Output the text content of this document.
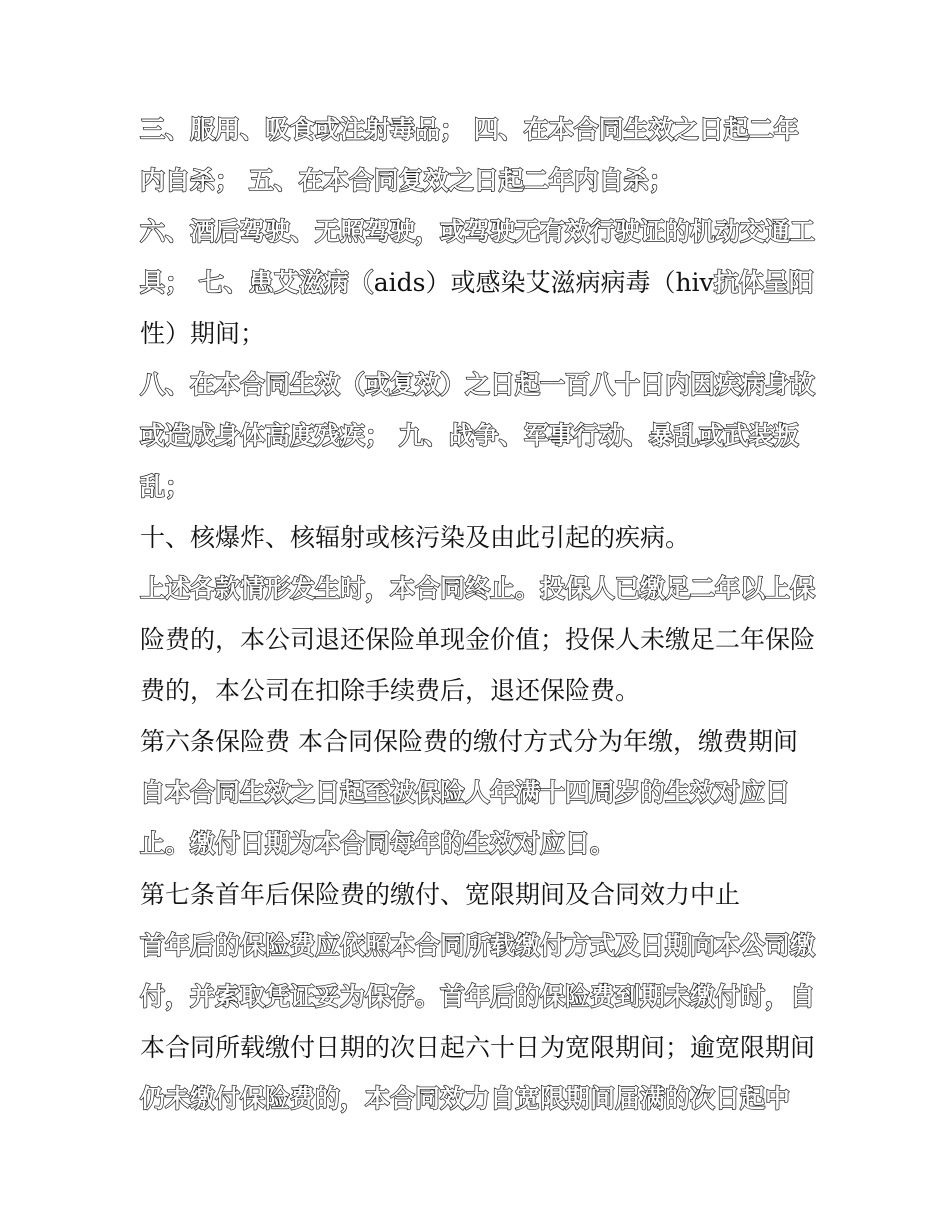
三、服用、吸食或注射毒品； 四、在本合同生效之日起二年
内自杀； 五、在本合同复效之日起二年内自杀；
六、酒后驾驶、无照驾驶，或驾驶无有效行驶证的机动交通工
具； 七、患艾滋病（aids）或感染艾滋病病毒（hiv抗体呈阳
性）期间；
八、在本合同生效（或复效）之日起一百八十日内因疾病身故
或造成身体高度残疾； 九、战争、军事行动、暴乱或武装叛
乱；
十、核爆炸、核辐射或核污染及由此引起的疾病。
上述各款情形发生时，本合同终止。投保人已缴足二年以上保
险费的，本公司退还保险单现金价值；投保人未缴足二年保险
费的，本公司在扣除手续费后，退还保险费。
第六条保险费 本合同保险费的缴付方式分为年缴，缴费期间
自本合同生效之日起至被保险人年满十四周岁的生效对应日
止。缴付日期为本合同每年的生效对应日。
第七条首年后保险费的缴付、宽限期间及合同效力中止
首年后的保险费应依照本合同所载缴付方式及日期向本公司缴
付，并索取凭证妥为保存。首年后的保险费到期未缴付时，自
本合同所载缴付日期的次日起六十日为宽限期间；逾宽限期间
仍未缴付保险费的，本合同效力自宽限期间届满的次日起中
